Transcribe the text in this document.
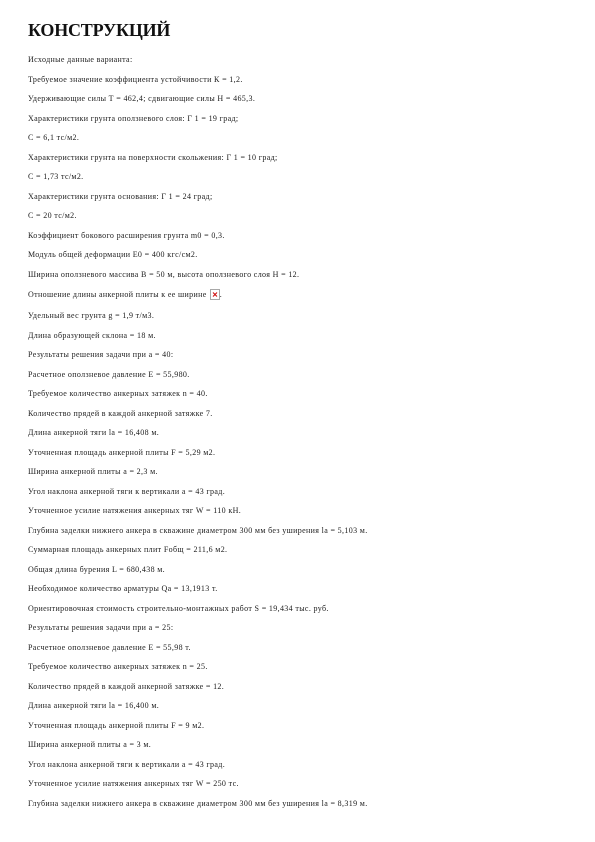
КОНСТРУКЦИЙ

Исходные данные варианта:

Требуемое значение коэффициента устойчивости К = 1,2.

Удерживающие силы Т = 462,4; сдвигающие силы Н = 465,3.

Характеристики грунта оползневого слоя: Г 1 = 19 град;

С = 6,1 тс/м2.

Характеристики грунта на поверхности скольжения: Г 1 = 10 град;

С = 1,73 тс/м2.

Характеристики грунта основания: Г 1 = 24 град;

С = 20 тс/м2.

Коэффициент бокового расширения грунта m0 = 0,3.

Модуль общей деформации Е0 = 400 кгс/см2.

Ширина оползневого массива В = 50 м, высота оползневого слоя Н = 12.

Отношение длины анкерной плиты к ее ширине .

Удельный вес грунта g = 1,9 т/м3.

Длина образующей склона = 18 м.

Результаты решения задачи при a = 40:

Расчетное оползневое давление Е = 55,980.

Требуемое количество анкерных затяжек n = 40.

Количество прядей в каждой анкерной затяжке 7.

Длина анкерной тяги la = 16,408 м.

Уточненная площадь анкерной плиты F = 5,29 м2.

Ширина анкерной плиты а = 2,3 м.

Угол наклона анкерной тяги к вертикали a = 43 град.

Уточненное усилие натяжения анкерных тяг W = 110 кН.

Глубина заделки нижнего анкера в скважине диаметром 300 мм без уширения la = 5,103 м.

Суммарная площадь анкерных плит Fобщ = 211,6 м2.

Общая длина бурения L = 680,438 м.

Необходимое количество арматуры Qa = 13,1913 т.

Ориентировочная стоимость строительно-монтажных работ S = 19,434 тыс. руб.

Результаты решения задачи при a = 25:

Расчетное оползневое давление Е = 55,98 т.

Требуемое количество анкерных затяжек n = 25.

Количество прядей в каждой анкерной затяжке = 12.

Длина анкерной тяги la = 16,400 м.

Уточненная площадь анкерной плиты F = 9 м2.

Ширина анкерной плиты а = 3 м.

Угол наклона анкерной тяги к вертикали a = 43 град.

Уточненное усилие натяжения анкерных тяг W = 250 тс.

Глубина заделки нижнего анкера в скважине диаметром 300 мм без уширения la = 8,319 м.
